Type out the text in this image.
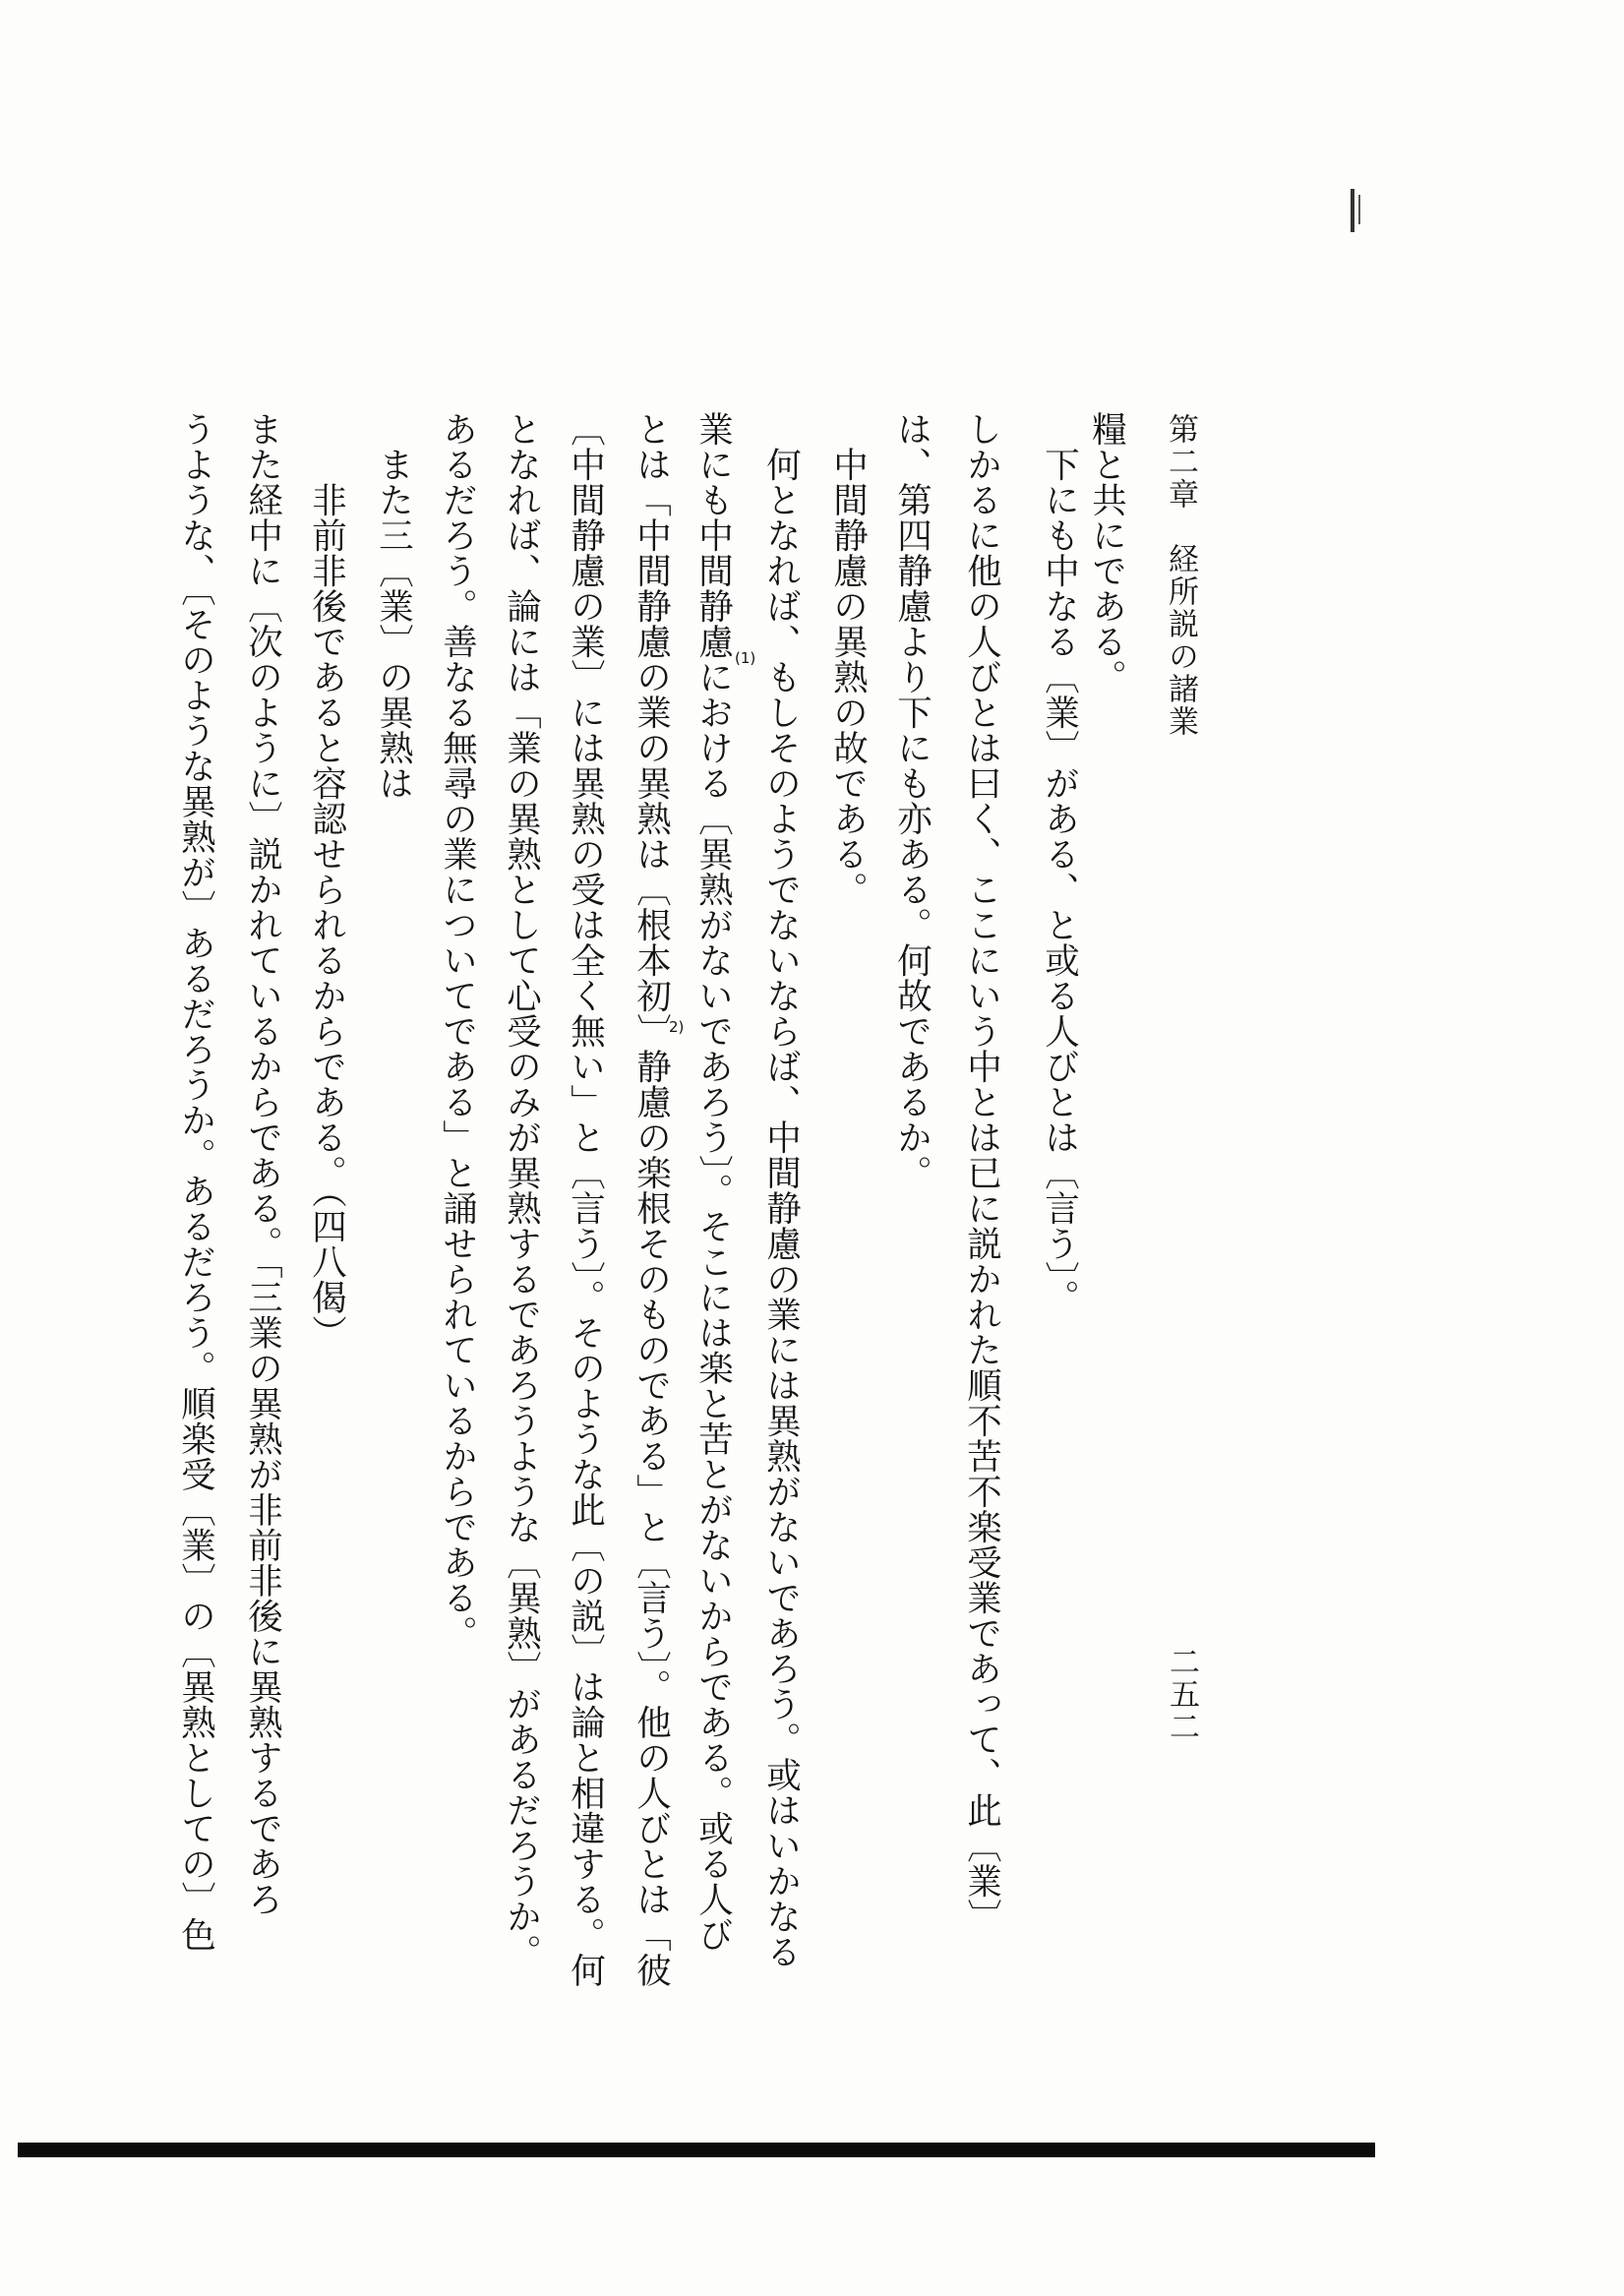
第二章　経所説の諸業
二五二
糧と共にである。
　下にも中なる〔業〕がある、と或る人びとは〔言う〕。
しかるに他の人びとは曰く、ここにいう中とは已に説かれた順不苦不楽受業であって、此〔業〕
は、第四静慮より下にも亦ある。何故であるか。
　中間静慮の異熟の故である。
　何となれば、もしそのようでないならば、中間静慮の業には異熟がないであろう。或はいかなる
業にも中間静慮における〔異熟がないであろう〕。そこには楽と苦とがないからである。或る人び
とは「中間静慮の業の異熟は〔根本初〕静慮の楽根そのものである」と〔言う〕。他の人びとは「彼
〔中間静慮の業〕には異熟の受は全く無い」と〔言う〕。そのような此〔の説〕は論と相違する。何
となれば、論には「業の異熟として心受のみが異熟するであろうような〔異熟〕があるだろうか。
あるだろう。善なる無尋の業についてである」と誦せられているからである。
　また三〔業〕の異熟は
　　非前非後であると容認せられるからである。（四八偈）
また経中に〔次のように〕説かれているからである。「三業の異熟が非前非後に異熟するであろ
うような、〔そのような異熟が〕あるだろうか。あるだろう。順楽受〔業〕の〔異熟としての〕色	(1)
2)
